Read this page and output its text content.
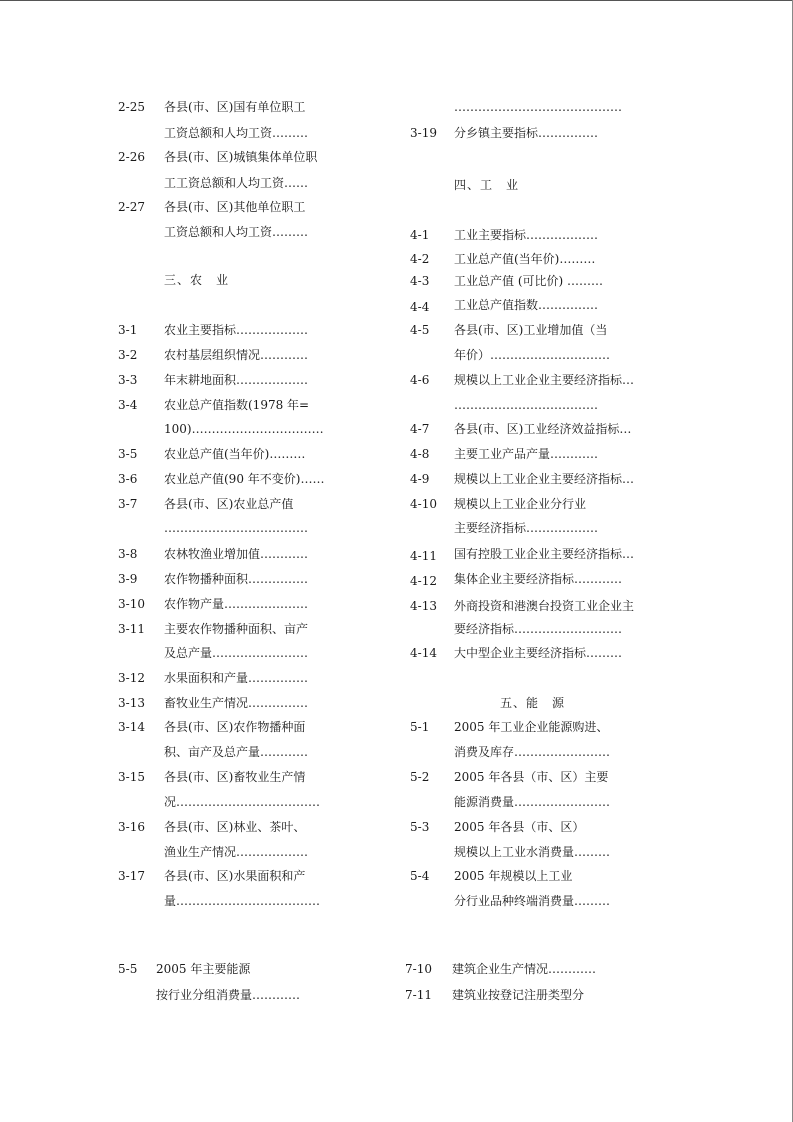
2-25 各县(市、区)国有单位职工
工资总额和人均工资………
2-26 各县(市、区)城镇集体单位职
工工资总额和人均工资……
2-27 各县(市、区)其他单位职工
工资总额和人均工资………
三、农　业
3-1 农业主要指标………………
3-2 农村基层组织情况…………
3-3 年末耕地面积………………
3-4 农业总产值指数(1978 年=
100)……………………………
3-5 农业总产值(当年价)………
3-6 农业总产值(90 年不变价)……
3-7 各县(市、区)农业总产值
………………………………
3-8 农林牧渔业增加值…………
3-9 农作物播种面积……………
3-10 农作物产量…………………
3-11 主要农作物播种面积、亩产
及总产量……………………
3-12 水果面积和产量……………
3-13 畜牧业生产情况……………
3-14 各县(市、区)农作物播种面
积、亩产及总产量…………
3-15 各县(市、区)畜牧业生产情
况………………………………
3-16 各县(市、区)林业、茶叶、
渔业生产情况………………
3-17 各县(市、区)水果面积和产
量………………………………
……………………………………
3-19 分乡镇主要指标……………
四、工　业
4-1 工业主要指标………………
4-2 工业总产值(当年价)………
4-3 工业总产值 (可比价) ………
4-4 工业总产值指数……………
4-5 各县(市、区)工业增加值（当
年价）…………………………
4-6 规模以上工业企业主要经济指标…
………………………………
4-7 各县(市、区)工业经济效益指标…
4-8 主要工业产品产量…………
4-9 规模以上工业企业主要经济指标…
4-10 规模以上工业企业分行业
主要经济指标………………
4-11 国有控股工业企业主要经济指标…
4-12 集体企业主要经济指标…………
4-13 外商投资和港澳台投资工业企业主
要经济指标………………………
4-14 大中型企业主要经济指标………
五、能　源
5-1 2005 年工业企业能源购进、
消费及库存……………………
5-2 2005 年各县（市、区）主要
能源消费量……………………
5-3 2005 年各县（市、区）
规模以上工业水消费量………
5-4 2005 年规模以上工业
分行业品种终端消费量………
5-5 2005 年主要能源
按行业分组消费量…………
7-10 建筑企业生产情况…………
7-11 建筑业按登记注册类型分
